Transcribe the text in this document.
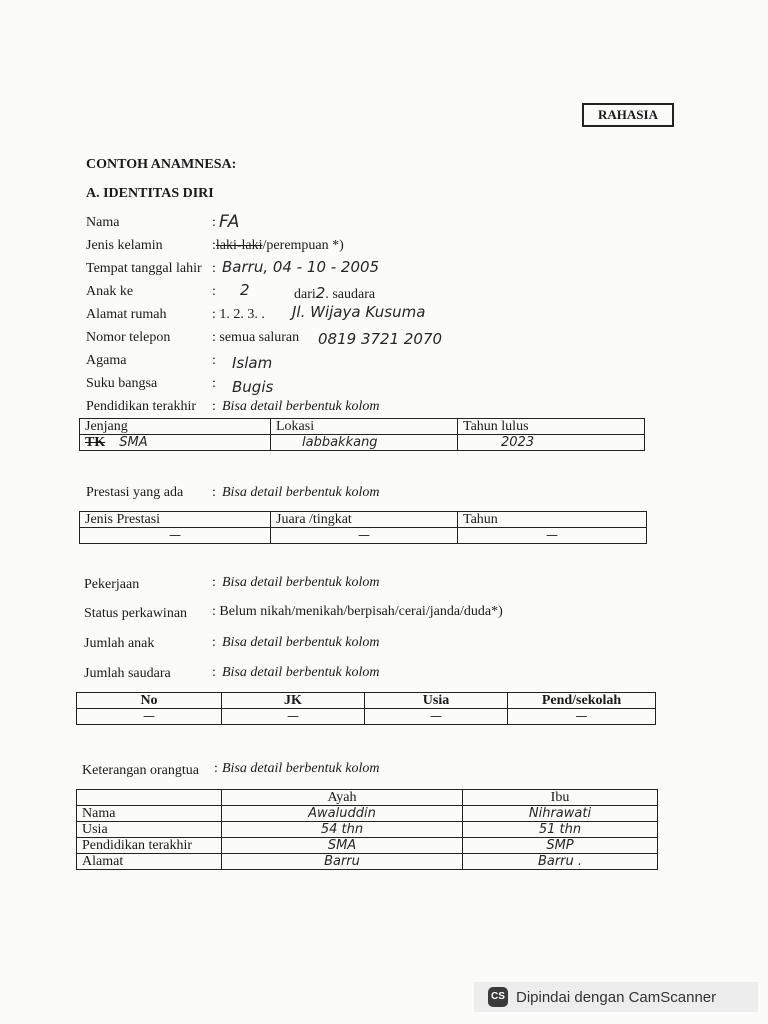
RAHASIA
CONTOH ANAMNESA:
A. IDENTITAS DIRI
Nama	: FA
Jenis kelamin	:laki-laki/perempuan *)
Tempat tanggal lahir : Barru, 04 - 10 - 2005
Anak ke	: 2	dari2. saudara
Alamat rumah	: 1. 2. 3. . Jl. Wijaya Kusuma
Nomor telepon	: semua saluran 0819 3721 2070
Agama	: Islam
Suku bangsa	: Bugis
Pendidikan terakhir : Bisa detail berbentuk kolom
Jenjang	Lokasi	Tahun lulus
TK SMA	labbakkang	2023
Prestasi yang ada : Bisa detail berbentuk kolom
Jenis Prestasi	Juara /tingkat	Tahun

—	—	—
Pekerjaan	: Bisa detail berbentuk kolom
Status perkawinan : Belum nikah/menikah/berpisah/cerai/janda/duda*)
Jumlah anak	: Bisa detail berbentuk kolom
Jumlah saudara	: Bisa detail berbentuk kolom
No	JK	Usia	Pend/sekolah

—	—	—	—
Keterangan orangtua : Bisa detail berbentuk kolom
	Ayah	Ibu
Nama	Awaluddin	Nihrawati
Usia	54 thn	51 thn
Pendidikan terakhir	SMA	SMP
Alamat	Barru	Barru .
CS Dipindai dengan CamScanner
